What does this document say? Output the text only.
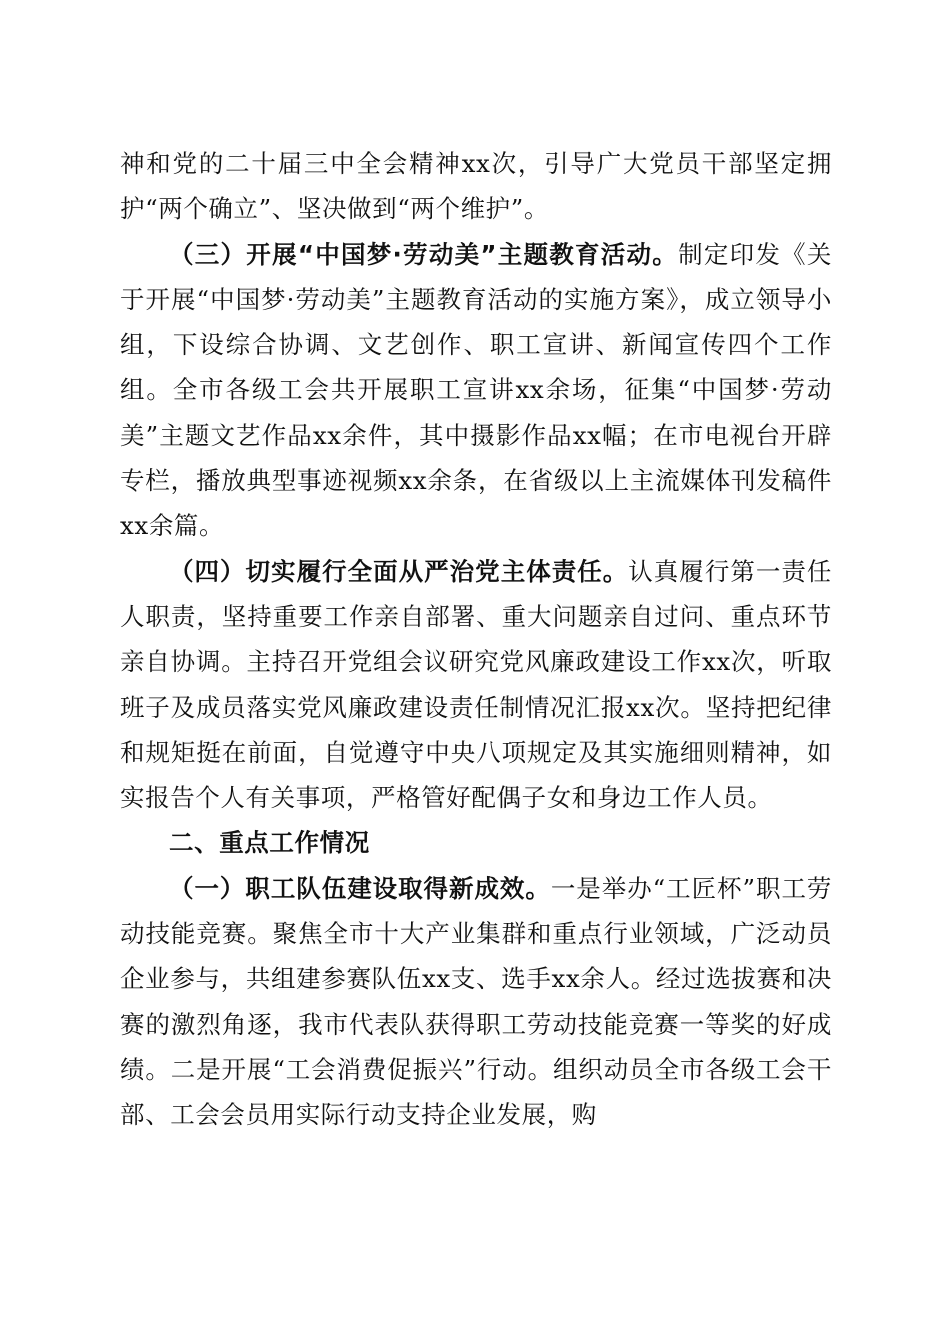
神和党的二十届三中全会精神xx次，引导广大党员干部坚定拥护“两个确立”、坚决做到“两个维护”。

（三）开展“中国梦·劳动美”主题教育活动。制定印发《关于开展“中国梦·劳动美”主题教育活动的实施方案》，成立领导小组，下设综合协调、文艺创作、职工宣讲、新闻宣传四个工作组。全市各级工会共开展职工宣讲xx余场，征集“中国梦·劳动美”主题文艺作品xx余件，其中摄影作品xx幅；在市电视台开辟专栏，播放典型事迹视频xx余条，在省级以上主流媒体刊发稿件xx余篇。

（四）切实履行全面从严治党主体责任。认真履行第一责任人职责，坚持重要工作亲自部署、重大问题亲自过问、重点环节亲自协调。主持召开党组会议研究党风廉政建设工作xx次，听取班子及成员落实党风廉政建设责任制情况汇报xx次。坚持把纪律和规矩挺在前面，自觉遵守中央八项规定及其实施细则精神，如实报告个人有关事项，严格管好配偶子女和身边工作人员。

二、重点工作情况

（一）职工队伍建设取得新成效。一是举办“工匠杯”职工劳动技能竞赛。聚焦全市十大产业集群和重点行业领域，广泛动员企业参与，共组建参赛队伍xx支、选手xx余人。经过选拔赛和决赛的激烈角逐，我市代表队获得职工劳动技能竞赛一等奖的好成绩。二是开展“工会消费促振兴”行动。组织动员全市各级工会干部、工会会员用实际行动支持企业发展，购
